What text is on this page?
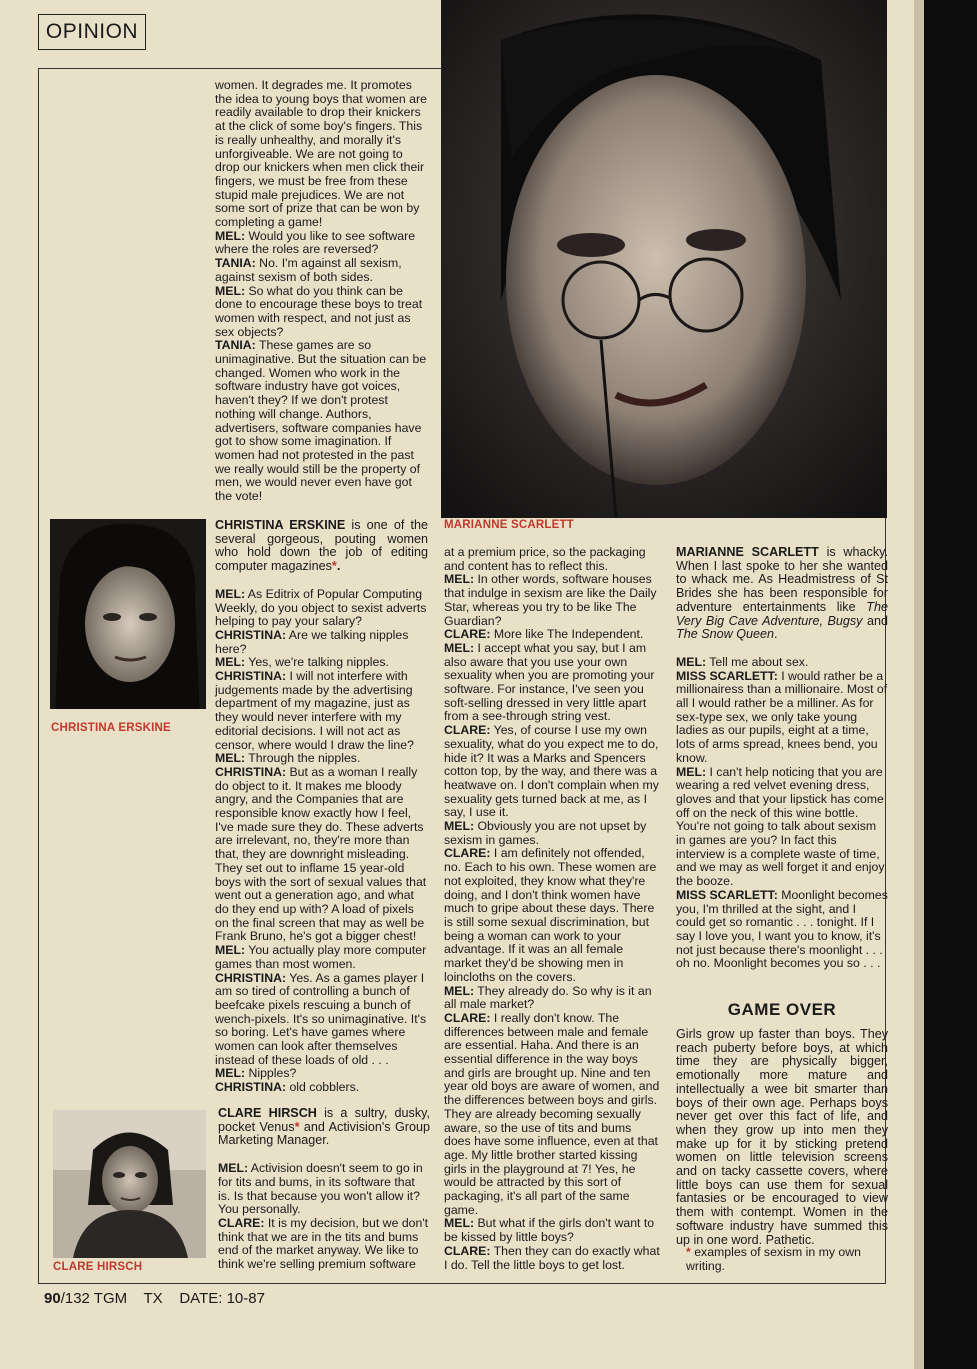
OPINION
MARIANNE SCARLETT

women. It degrades me. It promotes the idea to young boys that women are readily available to drop their knickers at the click of some boy's fingers. This is really unhealthy, and morally it's unforgiveable. We are not going to drop our knickers when men click their fingers, we must be free from these stupid male prejudices. We are not some sort of prize that can be won by completing a game!

MEL: Would you like to see software where the roles are reversed?

TANIA: No. I'm against all sexism, against sexism of both sides.

MEL: So what do you think can be done to encourage these boys to treat women with respect, and not just as sex objects?

TANIA: These games are so unimaginative. But the situation can be changed. Women who work in the software industry have got voices, haven't they? If we don't protest nothing will change. Authors, advertisers, software companies have got to show some imagination. If women had not protested in the past we really would still be the property of men, we would never even have got the vote!

CHRISTINA ERSKINE

CHRISTINA ERSKINE is one of the several gorgeous, pouting women who hold down the job of editing computer magazines*.

MEL: As Editrix of Popular Computing Weekly, do you object to sexist adverts helping to pay your salary?

CHRISTINA: Are we talking nipples here?

MEL: Yes, we're talking nipples.

CHRISTINA: I will not interfere with judgements made by the advertising department of my magazine, just as they would never interfere with my editorial decisions. I will not act as censor, where would I draw the line?

MEL: Through the nipples.

CHRISTINA: But as a woman I really do object to it. It makes me bloody angry, and the Companies that are responsible know exactly how I feel, I've made sure they do. These adverts are irrelevant, no, they're more than that, they are downright misleading. They set out to inflame 15 year-old boys with the sort of sexual values that went out a generation ago, and what do they end up with? A load of pixels on the final screen that may as well be Frank Bruno, he's got a bigger chest!

MEL: You actually play more computer games than most women.

CHRISTINA: Yes. As a games player I am so tired of controlling a bunch of beefcake pixels rescuing a bunch of wench-pixels. It's so unimaginative. It's so boring. Let's have games where women can look after themselves instead of these loads of old . . .

MEL: Nipples?

CHRISTINA: old cobblers.

CLARE HIRSCH

CLARE HIRSCH is a sultry, dusky, pocket Venus* and Activision's Group Marketing Manager.

MEL: Activision doesn't seem to go in for tits and bums, in its software that is. Is that because you won't allow it? You personally.

CLARE: It is my decision, but we don't think that we are in the tits and bums end of the market anyway. We like to think we're selling premium software

at a premium price, so the packaging and content has to reflect this.

MEL: In other words, software houses that indulge in sexism are like the Daily Star, whereas you try to be like The Guardian?

CLARE: More like The Independent.

MEL: I accept what you say, but I am also aware that you use your own sexuality when you are promoting your software. For instance, I've seen you soft-selling dressed in very little apart from a see-through string vest.

CLARE: Yes, of course I use my own sexuality, what do you expect me to do, hide it? It was a Marks and Spencers cotton top, by the way, and there was a heatwave on. I don't complain when my sexuality gets turned back at me, as I say, I use it.

MEL: Obviously you are not upset by sexism in games.

CLARE: I am definitely not offended, no. Each to his own. These women are not exploited, they know what they're doing, and I don't think women have much to gripe about these days. There is still some sexual discrimination, but being a woman can work to your advantage. If it was an all female market they'd be showing men in loincloths on the covers.

MEL: They already do. So why is it an all male market?

CLARE: I really don't know. The differences between male and female are essential. Haha. And there is an essential difference in the way boys and girls are brought up. Nine and ten year old boys are aware of women, and the differences between boys and girls. They are already becoming sexually aware, so the use of tits and bums does have some influence, even at that age. My little brother started kissing girls in the playground at 7! Yes, he would be attracted by this sort of packaging, it's all part of the same game.

MEL: But what if the girls don't want to be kissed by little boys?

CLARE: Then they can do exactly what I do. Tell the little boys to get lost.

MARIANNE SCARLETT is whacky. When I last spoke to her she wanted to whack me. As Headmistress of St Brides she has been responsible for adventure entertainments like The Very Big Cave Adventure, Bugsy and The Snow Queen.

MEL: Tell me about sex.

MISS SCARLETT: I would rather be a millionairess than a millionaire. Most of all I would rather be a milliner. As for sex-type sex, we only take young ladies as our pupils, eight at a time, lots of arms spread, knees bend, you know.

MEL: I can't help noticing that you are wearing a red velvet evening dress, gloves and that your lipstick has come off on the neck of this wine bottle. You're not going to talk about sexism in games are you? In fact this interview is a complete waste of time, and we may as well forget it and enjoy the booze.

MISS SCARLETT: Moonlight becomes you, I'm thrilled at the sight, and I could get so romantic . . . tonight. If I say I love you, I want you to know, it's not just because there's moonlight . . . oh no. Moonlight becomes you so . . .

GAME OVER
Girls grow up faster than boys. They reach puberty before boys, at which time they are physically bigger, emotionally more mature and intellectually a wee bit smarter than boys of their own age. Perhaps boys never get over this fact of life, and when they grow up into men they make up for it by sticking pretend women on little television screens and on tacky cassette covers, where little boys can use them for sexual fantasies or be encouraged to view them with contempt. Women in the software industry have summed this up in one word. Pathetic.
* examples of sexism in my own writing.
90/132 TGM    TX    DATE: 10-87
